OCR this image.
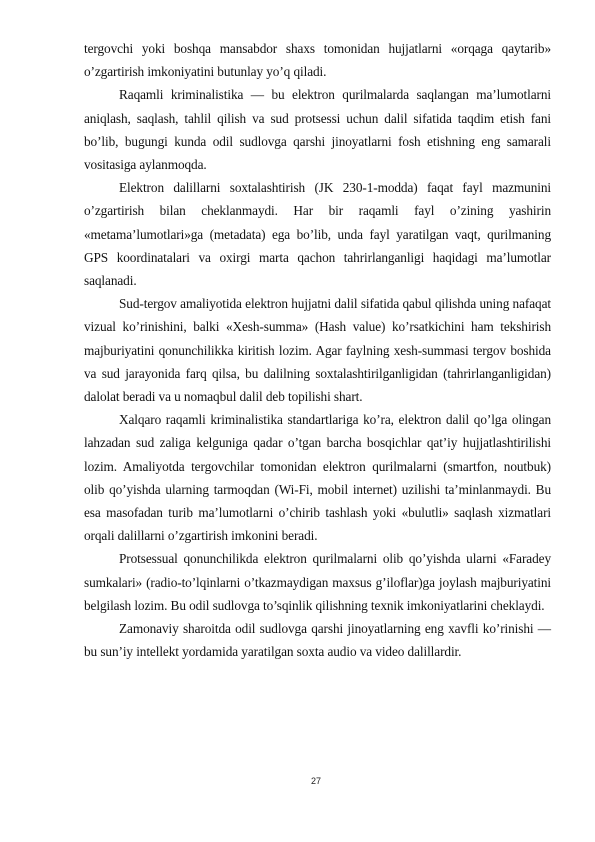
tergovchi yoki boshqa mansabdor shaxs tomonidan hujjatlarni «orqaga qaytarib» o’zgartirish imkoniyatini butunlay yo’q qiladi.

Raqamli kriminalistika — bu elektron qurilmalarda saqlangan ma’lumotlarni aniqlash, saqlash, tahlil qilish va sud protsessi uchun dalil sifatida taqdim etish fani bo’lib, bugungi kunda odil sudlovga qarshi jinoyatlarni fosh etishning eng samarali vositasiga aylanmoqda.

Elektron dalillarni soxtalashtirish (JK 230-1-modda) faqat fayl mazmunini o’zgartirish bilan cheklanmaydi. Har bir raqamli fayl o’zining yashirin «metama’lumotlari»ga (metadata) ega bo’lib, unda fayl yaratilgan vaqt, qurilmaning GPS koordinatalari va oxirgi marta qachon tahrirlanganligi haqidagi ma’lumotlar saqlanadi.

Sud-tergov amaliyotida elektron hujjatni dalil sifatida qabul qilishda uning nafaqat vizual ko’rinishini, balki «Xesh-summa» (Hash value) ko’rsatkichini ham tekshirish majburiyatini qonunchilikka kiritish lozim. Agar faylning xesh-summasi tergov boshida va sud jarayonida farq qilsa, bu dalilning soxtalashtirilganligidan (tahrirlanganligidan) dalolat beradi va u nomaqbul dalil deb topilishi shart.

Xalqaro raqamli kriminalistika standartlariga ko’ra, elektron dalil qo’lga olingan lahzadan sud zaliga kelguniga qadar o’tgan barcha bosqichlar qat’iy hujjatlashtirilishi lozim. Amaliyotda tergovchilar tomonidan elektron qurilmalarni (smartfon, noutbuk) olib qo’yishda ularning tarmoqdan (Wi-Fi, mobil internet) uzilishi ta’minlanmaydi. Bu esa masofadan turib ma’lumotlarni o’chirib tashlash yoki «bulutli» saqlash xizmatlari orqali dalillarni o’zgartirish imkonini beradi.

Protsessual qonunchilikda elektron qurilmalarni olib qo’yishda ularni «Faradey sumkalari» (radio-to’lqinlarni o’tkazmaydigan maxsus g’iloflar)ga joylash majburiyatini belgilash lozim. Bu odil sudlovga to’sqinlik qilishning texnik imkoniyatlarini cheklaydi.

Zamonaviy sharoitda odil sudlovga qarshi jinoyatlarning eng xavfli ko’rinishi — bu sun’iy intellekt yordamida yaratilgan soxta audio va video dalillardir.

27
